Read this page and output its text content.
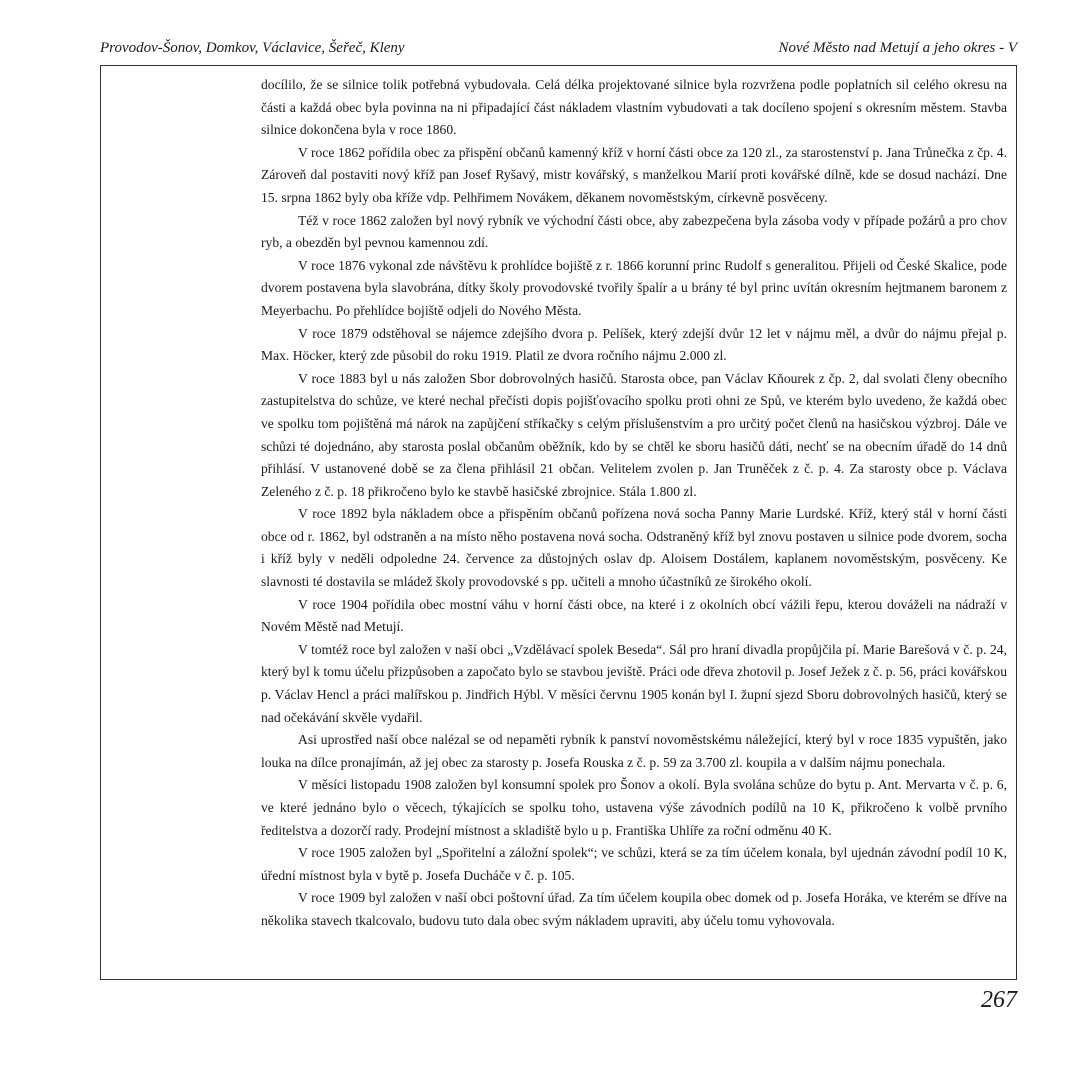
Provodov-Šonov, Domkov, Václavice, Šeřeč, Kleny	Nové Město nad Metují a jeho okres - V

docílilo, že se silnice tolik potřebná vybudovala. Celá délka projektované silnice byla rozvržena podle poplatních sil celého okresu na části a každá obec byla povinna na ni připadající část nákladem vlastním vybudovati a tak docíleno spojení s okresním městem. Stavba silnice dokončena byla v roce 1860.

V roce 1862 pořídila obec za přispění občanů kamenný kříž v horní části obce za 120 zl., za starostenství p. Jana Trůnečka z čp. 4. Zároveň dal postaviti nový kříž pan Josef Ryšavý, mistr kovářský, s manželkou Marií proti kovářské dílně, kde se dosud nachází. Dne 15. srpna 1862 byly oba kříže vdp. Pelhřimem Novákem, děkanem novoměstským, církevně posvěceny.

Též v roce 1862 založen byl nový rybník ve východní části obce, aby zabezpečena byla zásoba vody v případe požárů a pro chov ryb, a obezděn byl pevnou kamennou zdí.

V roce 1876 vykonal zde návštěvu k prohlídce bojiště z r. 1866 korunní princ Rudolf s generalitou. Přijeli od České Skalice, pode dvorem postavena byla slavobrána, dítky školy provodovské tvořily špalír a u brány té byl princ uvítán okresním hejtmanem baronem z Meyerbachu. Po přehlídce bojiště odjeli do Nového Města.

V roce 1879 odstěhoval se nájemce zdejšího dvora p. Pelíšek, který zdejší dvůr 12 let v nájmu měl, a dvůr do nájmu přejal p. Max. Höcker, který zde působil do roku 1919. Platil ze dvora ročního nájmu 2.000 zl.

V roce 1883 byl u nás založen Sbor dobrovolných hasičů. Starosta obce, pan Václav Kňourek z čp. 2, dal svolati členy obecního zastupitelstva do schůze, ve které nechal přečísti dopis pojišťovacího spolku proti ohni ze Spů, ve kterém bylo uvedeno, že každá obec ve spolku tom pojištěná má nárok na zapůjčení stříkačky s celým příslušenstvím a pro určitý počet členů na hasičskou výzbroj. Dále ve schůzi té dojednáno, aby starosta poslal občanům oběžník, kdo by se chtěl ke sboru hasičů dáti, nechť se na obecním úřadě do 14 dnů přihlásí. V ustanovené době se za člena přihlásil 21 občan. Velitelem zvolen p. Jan Truněček z č. p. 4. Za starosty obce p. Václava Zeleného z č. p. 18 přikročeno bylo ke stavbě hasičské zbrojnice. Stála 1.800 zl.

V roce 1892 byla nákladem obce a přispěním občanů pořízena nová socha Panny Marie Lurdské. Kříž, který stál v horní části obce od r. 1862, byl odstraněn a na místo něho postavena nová socha. Odstraněný kříž byl znovu postaven u silnice pode dvorem, socha i kříž byly v neděli odpoledne 24. července za důstojných oslav dp. Aloisem Dostálem, kaplanem novoměstským, posvěceny. Ke slavnosti té dostavila se mládež školy provodovské s pp. učiteli a mnoho účastníků ze širokého okolí.

V roce 1904 pořídila obec mostní váhu v horní části obce, na které i z okolních obcí vážili řepu, kterou dováželi na nádraží v Novém Městě nad Metují.

V tomtéž roce byl založen v naší obci „Vzdělávací spolek Beseda“. Sál pro hraní divadla propůjčila pí. Marie Barešová v č. p. 24, který byl k tomu účelu přizpůsoben a započato bylo se stavbou jeviště. Práci ode dřeva zhotovil p. Josef Ježek z č. p. 56, práci kovářskou p. Václav Hencl a práci malířskou p. Jindřich Hýbl. V měsíci červnu 1905 konán byl I. župní sjezd Sboru dobrovolných hasičů, který se nad očekávání skvěle vydařil.

Asi uprostřed naší obce nalézal se od nepaměti rybník k panství novoměstskému náležející, který byl v roce 1835 vypuštěn, jako louka na dílce pronajímán, až jej obec za starosty p. Josefa Rouska z č. p. 59 za 3.700 zl. koupila a v dalším nájmu ponechala.

V měsíci listopadu 1908 založen byl konsumní spolek pro Šonov a okolí. Byla svolána schůze do bytu p. Ant. Mervarta v č. p. 6, ve které jednáno bylo o věcech, týkajících se spolku toho, ustavena výše závodních podílů na 10 K, přikročeno k volbě prvního ředitelstva a dozorčí rady. Prodejní místnost a skladiště bylo u p. Františka Uhlíře za roční odměnu 40 K.

V roce 1905 založen byl „Spořitelní a záložní spolek“; ve schůzi, která se za tím účelem konala, byl ujednán závodní podíl 10 K, úřední místnost byla v bytě p. Josefa Ducháče v č. p. 105.

V roce 1909 byl založen v naší obci poštovní úřad. Za tím účelem koupila obec domek od p. Josefa Horáka, ve kterém se dříve na několika stavech tkalcovalo, budovu tuto dala obec svým nákladem upraviti, aby účelu tomu vyhovovala.

267
